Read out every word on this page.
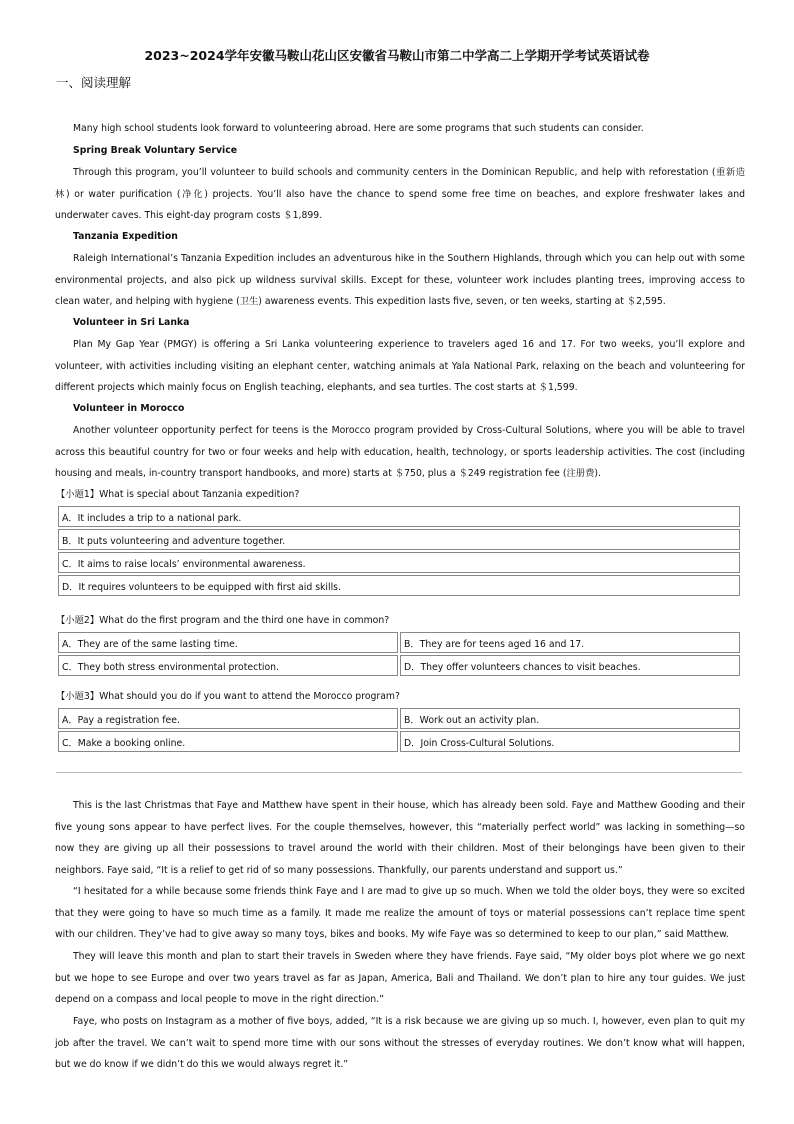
2023~2024学年安徽马鞍山花山区安徽省马鞍山市第二中学高二上学期开学考试英语试卷
一、阅读理解

Many high school students look forward to volunteering abroad. Here are some programs that such students can consider.

Spring Break Voluntary Service

Through this program, you’ll volunteer to build schools and community centers in the Dominican Republic, and help with reforestation (重新造林) or water purification (净化) projects. You’ll also have the chance to spend some free time on beaches, and explore freshwater lakes and underwater caves. This eight-day program costs ＄1,899.

Tanzania Expedition

Raleigh International’s Tanzania Expedition includes an adventurous hike in the Southern Highlands, through which you can help out with some environmental projects, and also pick up wildness survival skills. Except for these, volunteer work includes planting trees, improving access to clean water, and helping with hygiene (卫生) awareness events. This expedition lasts five, seven, or ten weeks, starting at ＄2,595.

Volunteer in Sri Lanka

Plan My Gap Year (PMGY) is offering a Sri Lanka volunteering experience to travelers aged 16 and 17. For two weeks, you’ll explore and volunteer, with activities including visiting an elephant center, watching animals at Yala National Park, relaxing on the beach and volunteering for different projects which mainly focus on English teaching, elephants, and sea turtles. The cost starts at ＄1,599.

Volunteer in Morocco

Another volunteer opportunity perfect for teens is the Morocco program provided by Cross-Cultural Solutions, where you will be able to travel across this beautiful country for two or four weeks and help with education, health, technology, or sports leadership activities. The cost (including housing and meals, in-country transport handbooks, and more) starts at ＄750, plus a ＄249 registration fee (注册费).

【小题1】What is special about Tanzania expedition?
A．It includes a trip to a national park.
B．It puts volunteering and adventure together.
C．It aims to raise locals’ environmental awareness.
D．It requires volunteers to be equipped with first aid skills.
【小题2】What do the first program and the third one have in common?
A．They are of the same lasting time.	B．They are for teens aged 16 and 17.
C．They both stress environmental protection.	D．They offer volunteers chances to visit beaches.
【小题3】What should you do if you want to attend the Morocco program?
A．Pay a registration fee.	B．Work out an activity plan.
C．Make a booking online.	D．Join Cross-Cultural Solutions.

This is the last Christmas that Faye and Matthew have spent in their house, which has already been sold. Faye and Matthew Gooding and their five young sons appear to have perfect lives. For the couple themselves, however, this “materially perfect world” was lacking in something—so now they are giving up all their possessions to travel around the world with their children. Most of their belongings have been given to their neighbors. Faye said, “It is a relief to get rid of so many possessions. Thankfully, our parents understand and support us.”

“I hesitated for a while because some friends think Faye and I are mad to give up so much. When we told the older boys, they were so excited that they were going to have so much time as a family. It made me realize the amount of toys or material possessions can’t replace time spent with our children. They’ve had to give away so many toys, bikes and books. My wife Faye was so determined to keep to our plan,” said Matthew.

They will leave this month and plan to start their travels in Sweden where they have friends. Faye said, “My older boys plot where we go next but we hope to see Europe and over two years travel as far as Japan, America, Bali and Thailand. We don’t plan to hire any tour guides. We just depend on a compass and local people to move in the right direction.”

Faye, who posts on Instagram as a mother of five boys, added, “It is a risk because we are giving up so much. I, however, even plan to quit my job after the travel. We can’t wait to spend more time with our sons without the stresses of everyday routines. We don’t know what will happen, but we do know if we didn’t do this we would always regret it.”
